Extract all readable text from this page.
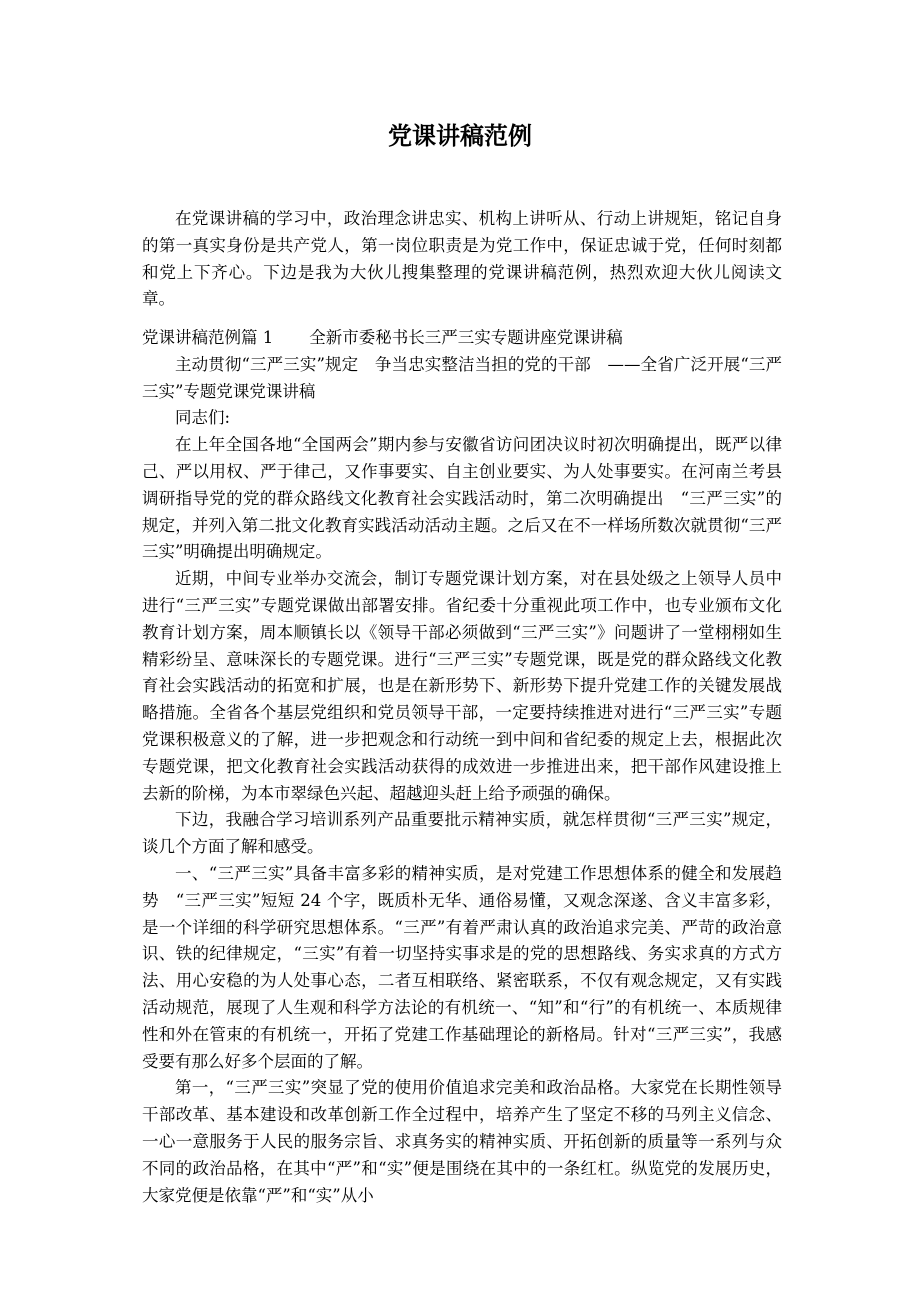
党课讲稿范例

在党课讲稿的学习中，政治理念讲忠实、机构上讲听从、行动上讲规矩，铭记自身的第一真实身份是共产党人，第一岗位职责是为党工作中，保证忠诚于党，任何时刻都和党上下齐心。下边是我为大伙儿搜集整理的党课讲稿范例，热烈欢迎大伙儿阅读文章。

党课讲稿范例篇 1 全新市委秘书长三严三实专题讲座党课讲稿

主动贯彻“三严三实”规定　争当忠实整洁当担的党的干部　——全省广泛开展“三严三实”专题党课党课讲稿

同志们:

在上年全国各地“全国两会”期内参与安徽省访问团决议时初次明确提出，既严以律己、严以用权、严于律己，又作事要实、自主创业要实、为人处事要实。在河南兰考县调研指导党的党的群众路线文化教育社会实践活动时，第二次明确提出　“三严三实”的规定，并列入第二批文化教育实践活动活动主题。之后又在不一样场所数次就贯彻“三严三实”明确提出明确规定。

近期，中间专业举办交流会，制订专题党课计划方案，对在县处级之上领导人员中进行“三严三实”专题党课做出部署安排。省纪委十分重视此项工作中，也专业颁布文化教育计划方案，周本顺镇长以《领导干部必须做到“三严三实”》问题讲了一堂栩栩如生精彩纷呈、意味深长的专题党课。进行“三严三实”专题党课，既是党的群众路线文化教育社会实践活动的拓宽和扩展，也是在新形势下、新形势下提升党建工作的关键发展战略措施。全省各个基层党组织和党员领导干部，一定要持续推进对进行“三严三实”专题党课积极意义的了解，进一步把观念和行动统一到中间和省纪委的规定上去，根据此次专题党课，把文化教育社会实践活动获得的成效进一步推进出来，把干部作风建设推上去新的阶梯，为本市翠绿色兴起、超越迎头赶上给予顽强的确保。

下边，我融合学习培训系列产品重要批示精神实质，就怎样贯彻“三严三实”规定，谈几个方面了解和感受。

一、“三严三实”具备丰富多彩的精神实质，是对党建工作思想体系的健全和发展趋势　“三严三实”短短 24 个字，既质朴无华、通俗易懂，又观念深遂、含义丰富多彩，是一个详细的科学研究思想体系。“三严”有着严肃认真的政治追求完美、严苛的政治意识、铁的纪律规定，“三实”有着一切坚持实事求是的党的思想路线、务实求真的方式方法、用心安稳的为人处事心态，二者互相联络、紧密联系，不仅有观念规定，又有实践活动规范，展现了人生观和科学方法论的有机统一、“知”和“行”的有机统一、本质规律性和外在管束的有机统一，开拓了党建工作基础理论的新格局。针对“三严三实”，我感受要有那么好多个层面的了解。

第一，“三严三实”突显了党的使用价值追求完美和政治品格。大家党在长期性领导干部改革、基本建设和改革创新工作全过程中，培养产生了坚定不移的马列主义信念、一心一意服务于人民的服务宗旨、求真务实的精神实质、开拓创新的质量等一系列与众不同的政治品格，在其中“严”和“实”便是围绕在其中的一条红杠。纵览党的发展历史，大家党便是依靠“严”和“实”从小
